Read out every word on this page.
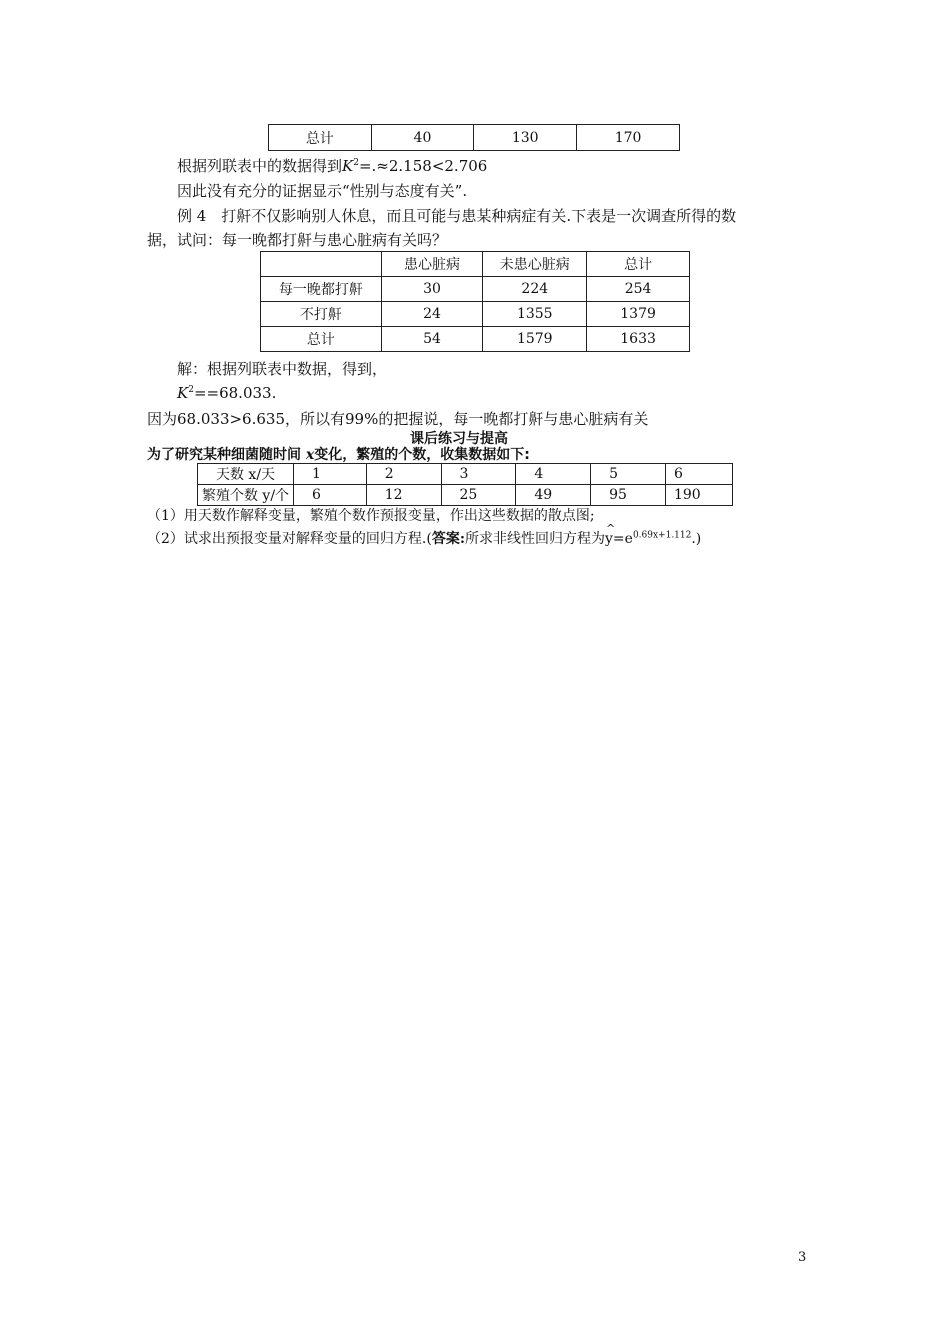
总计	40	130	170
根据列联表中的数据得到$K^2=.\approx 2.158<2.706$
因此没有充分的证据显示“性别与态度有关”.
例 4　打鼾不仅影响别人休息，而且可能与患某种病症有关.下表是一次调查所得的数
据，试问：每一晚都打鼾与患心脏病有关吗？
	患心脏病	未患心脏病	总计
每一晚都打鼾	30	224	254
不打鼾	24	1355	1379
总计	54	1579	1633
解：根据列联表中数据，得到，
$K^2==68.033$.
因为68.033>6.635，所以有99%的把握说，每一晚都打鼾与患心脏病有关
课后练习与提高
为了研究某种细菌随时间 x变化，繁殖的个数，收集数据如下:
天数 x/天	1	2	3	4	5	6
繁殖个数 y/个	6	12	25	49	95	190
（1）用天数作解释变量，繁殖个数作预报变量，作出这些数据的散点图;
（2）试求出预报变量对解释变量的回归方程.(答案:所求非线性回归方程为^ $y=e^{0.69x+1.112}$.)
3
